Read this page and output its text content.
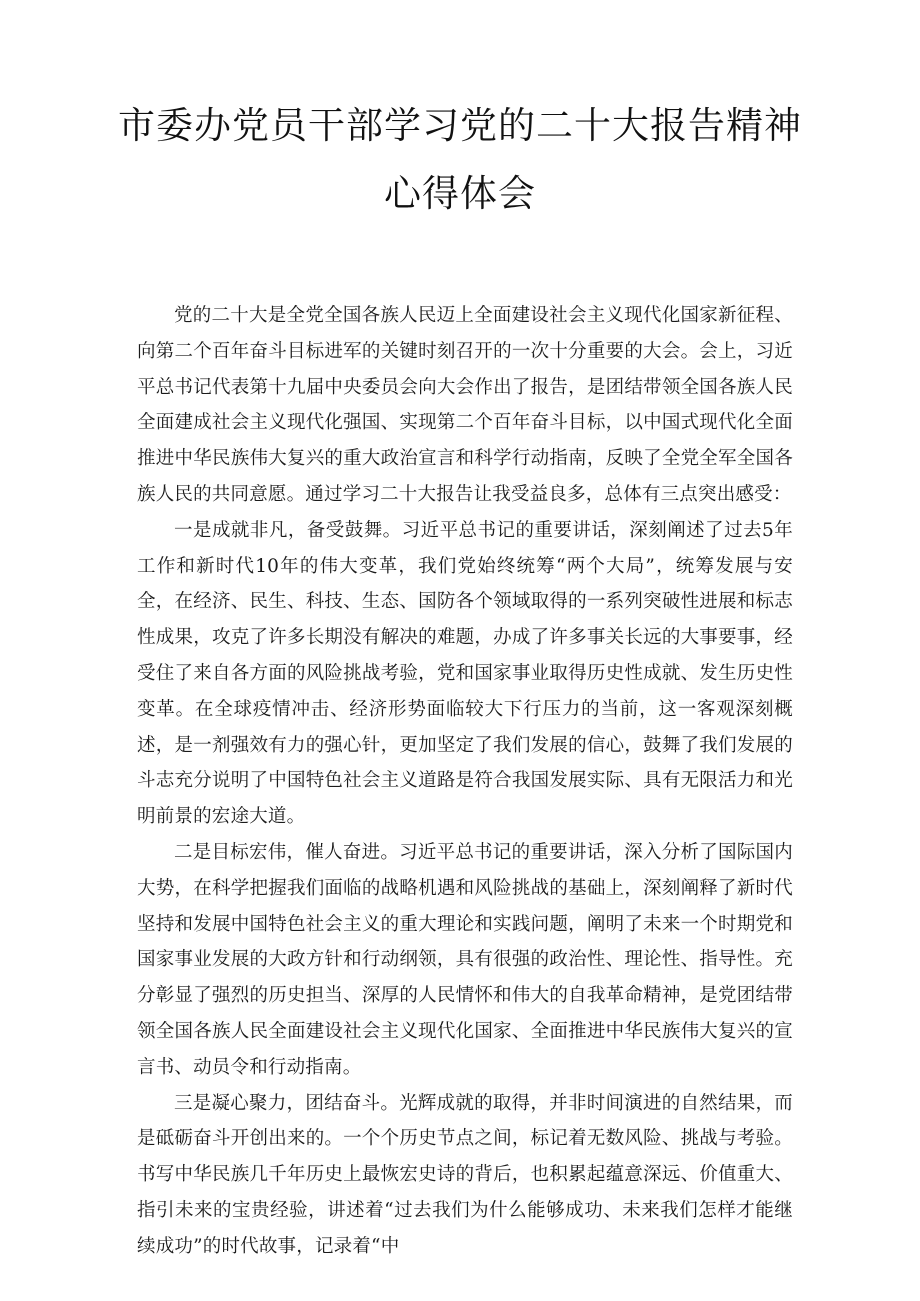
市委办党员干部学习党的二十大报告精神
心得体会

党的二十大是全党全国各族人民迈上全面建设社会主义现代化国家新征程、向第二个百年奋斗目标进军的关键时刻召开的一次十分重要的大会。会上，习近平总书记代表第十九届中央委员会向大会作出了报告，是团结带领全国各族人民全面建成社会主义现代化强国、实现第二个百年奋斗目标，以中国式现代化全面推进中华民族伟大复兴的重大政治宣言和科学行动指南，反映了全党全军全国各族人民的共同意愿。通过学习二十大报告让我受益良多，总体有三点突出感受：

一是成就非凡，备受鼓舞。习近平总书记的重要讲话，深刻阐述了过去5年工作和新时代10年的伟大变革，我们党始终统筹“两个大局”，统筹发展与安全，在经济、民生、科技、生态、国防各个领域取得的一系列突破性进展和标志性成果，攻克了许多长期没有解决的难题，办成了许多事关长远的大事要事，经受住了来自各方面的风险挑战考验，党和国家事业取得历史性成就、发生历史性变革。在全球疫情冲击、经济形势面临较大下行压力的当前，这一客观深刻概述，是一剂强效有力的强心针，更加坚定了我们发展的信心，鼓舞了我们发展的斗志充分说明了中国特色社会主义道路是符合我国发展实际、具有无限活力和光明前景的宏途大道。

二是目标宏伟，催人奋进。习近平总书记的重要讲话，深入分析了国际国内大势，在科学把握我们面临的战略机遇和风险挑战的基础上，深刻阐释了新时代坚持和发展中国特色社会主义的重大理论和实践问题，阐明了未来一个时期党和国家事业发展的大政方针和行动纲领，具有很强的政治性、理论性、指导性。充分彰显了强烈的历史担当、深厚的人民情怀和伟大的自我革命精神，是党团结带领全国各族人民全面建设社会主义现代化国家、全面推进中华民族伟大复兴的宣言书、动员令和行动指南。

三是凝心聚力，团结奋斗。光辉成就的取得，并非时间演进的自然结果，而是砥砺奋斗开创出来的。一个个历史节点之间，标记着无数风险、挑战与考验。书写中华民族几千年历史上最恢宏史诗的背后，也积累起蕴意深远、价值重大、指引未来的宝贵经验，讲述着“过去我们为什么能够成功、未来我们怎样才能继续成功”的时代故事，记录着“中
